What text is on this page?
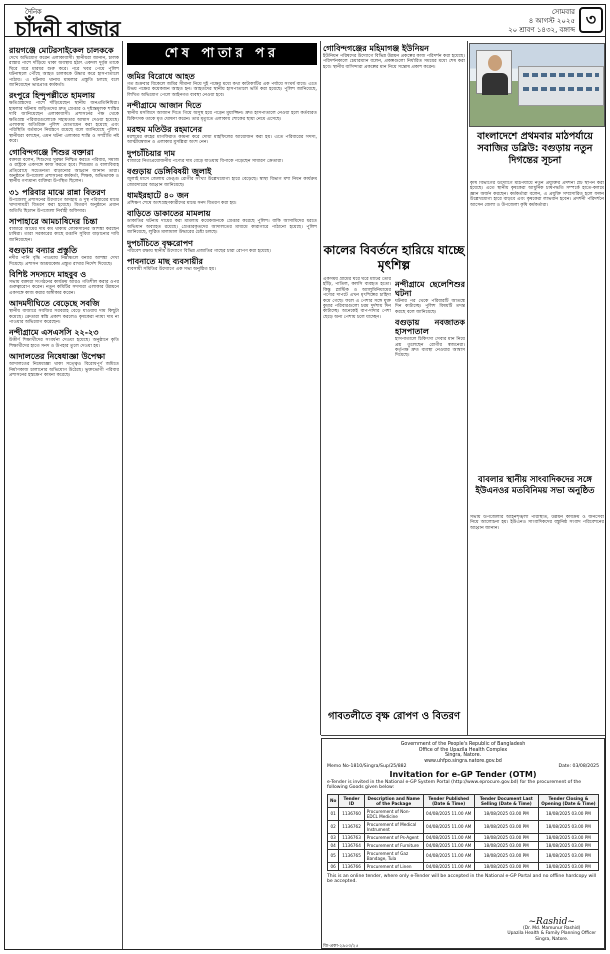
দৈনিক
চাঁদনী বাজার
সোমবার
৪ আগস্ট ২০২৫
২০ শ্রাবণ ১৪৩২, বঙ্গাব্দ
৩
শেষ পাতার পর
রায়গঞ্জে মোটরসাইকেল চালককে
দেখে অভিযোগ করেন এলাকাবাসী। স্থানীয়রা জানান, চালক রাস্তার পাশে দাঁড়িয়ে থাকা অবস্থায় হঠাৎ একদল দুর্বৃত্ত তাকে ঘিরে ধরে মারধর শুরু করে। পরে খবর পেয়ে পুলিশ ঘটনাস্থলে পৌঁছে আহত চালককে উদ্ধার করে হাসপাতালে পাঠায়। এ ঘটনায় থানায় মামলার প্রস্তুতি চলছে বলে জানিয়েছেন ভারপ্রাপ্ত কর্মকর্তা।
রংপুরে হিন্দুপল্লীতে হামলায়
ক্ষতিগ্রস্তদের পাশে দাঁড়িয়েছেন স্থানীয় জনপ্রতিনিধিরা। হামলার ঘটনায় জড়িতদের দ্রুত গ্রেপ্তার ও দৃষ্টান্তমূলক শাস্তির দাবি জানিয়েছেন এলাকাবাসী। প্রশাসনের পক্ষ থেকে ক্ষতিগ্রস্ত পরিবারগুলোকে সহায়তার আশ্বাস দেওয়া হয়েছে। এলাকায় অতিরিক্ত পুলিশ মোতায়েন করা হয়েছে এবং পরিস্থিতি বর্তমানে নিয়ন্ত্রণে রয়েছে বলে জানিয়েছে পুলিশ। স্থানীয়রা বলছেন, এমন ঘটনা এলাকার শান্তি ও সম্প্রীতি নষ্ট করে।
গোবিন্দগঞ্জে শিশুর বক্তারা
বক্তারা বলেন, শিশুদের সুরক্ষা নিশ্চিত করতে পরিবার, সমাজ ও রাষ্ট্রকে একসঙ্গে কাজ করতে হবে। শিশুশ্রম ও বাল্যবিবাহ প্রতিরোধে সচেতনতা বাড়ানোর আহ্বান জানান তারা। অনুষ্ঠানে উপজেলা প্রশাসনের কর্মকর্তা, শিক্ষক, অভিভাবক ও স্থানীয় গণ্যমান্য ব্যক্তিরা উপস্থিত ছিলেন।
৩১ পরিবার মাঝে রান্না বিতরণ
উপজেলা প্রশাসনের উদ্যোগে অসহায় ও দুস্থ পরিবারের মাঝে খাদ্যসামগ্রী বিতরণ করা হয়েছে। বিতরণ অনুষ্ঠানে প্রধান অতিথি ছিলেন উপজেলা নির্বাহী অফিসার।
সাপাহারে আমচাষিদের চিন্তা
বাজারে আমের দাম কম থাকায় লোকসানের আশঙ্কা করছেন চাষিরা। তারা সরকারের কাছে রপ্তানি সুবিধা বাড়ানোর দাবি জানিয়েছেন।
বগুড়ায় বন্যার প্রস্তুতি
নদীর পানি বৃদ্ধি পাওয়ায় নিম্নাঞ্চলে বন্যার আশঙ্কা দেখা দিয়েছে। প্রশাসন আশ্রয়কেন্দ্র প্রস্তুত রাখার নির্দেশ দিয়েছে।
বিশিষ্ট সদস্যদে মাহবুব ও
সভায় বক্তারা সংগঠনের কার্যক্রম আরও গতিশীল করার ওপর গুরুত্বারোপ করেন। নতুন কমিটির সদস্যরা এলাকার উন্নয়নে একসঙ্গে কাজ করার অঙ্গীকার করেন।
আদমদীঘিতে বেড়েছে সবজি
স্থানীয় বাজারে সবজির সরবরাহ বেড়ে যাওয়ায় দাম কিছুটা কমেছে। ক্রেতারা স্বস্তি প্রকাশ করলেও কৃষকেরা ন্যায্য দাম না পাওয়ার অভিযোগ করেছেন।
নন্দীগ্রামে এসএসসি ২২-২৩
উত্তীর্ণ শিক্ষার্থীদের সংবর্ধনা দেওয়া হয়েছে। অনুষ্ঠানে কৃতি শিক্ষার্থীদের হাতে সনদ ও উপহার তুলে দেওয়া হয়।
আদালতের নিষেধাজ্ঞা উপেক্ষা
আদালতের নিষেধাজ্ঞা থাকা সত্ত্বেও বিরোধপূর্ণ জমিতে নির্মাণকাজ চালানোর অভিযোগ উঠেছে। ভুক্তভোগী পরিবার প্রশাসনের হস্তক্ষেপ কামনা করেছে।
জমির বিরোধে আহত
গত শুক্রবার বিকেলে জমির সীমানা নিয়ে দুই পক্ষের মধ্যে কথা কাটাকাটির এক পর্যায়ে সংঘর্ষ বাধে। এতে উভয় পক্ষের কয়েকজন আহত হন। আহতদের স্থানীয় হাসপাতালে ভর্তি করা হয়েছে। পুলিশ জানিয়েছে, লিখিত অভিযোগ পেলে আইনগত ব্যবস্থা নেওয়া হবে।
নন্দীগ্রামে আজান দিতে
স্থানীয় মসজিদে আজান দিতে গিয়ে অসুস্থ হয়ে পড়েন মুয়াজ্জিন। দ্রুত হাসপাতালে নেওয়া হলে কর্তব্যরত চিকিৎসক তাকে মৃত ঘোষণা করেন। তার মৃত্যুতে এলাকায় শোকের ছায়া নেমে এসেছে।
মরহুম মতিউর রহমানের
মরহুমের রুহের মাগফিরাত কামনা করে দোয়া মাহফিলের আয়োজন করা হয়। এতে পরিবারের সদস্য, আত্মীয়স্বজন ও এলাকার মুসল্লিরা অংশ নেন।
দুপচাঁচিয়ার দাম
বাজারে নিত্যপ্রয়োজনীয় পণ্যের দাম বেড়ে যাওয়ায় বিপাকে পড়েছেন সাধারণ ক্রেতারা।
বগুড়ায় ডেঙ্গিবিষয়ী জুলাই
জুলাই মাসে জেলায় ডেঙ্গু রোগীর সংখ্যা উল্লেখযোগ্য হারে বেড়েছে। স্বাস্থ্য বিভাগ মশা নিধন কার্যক্রম জোরদারের আহ্বান জানিয়েছে।
ধামইরহাটে ৪০ জন
প্রশিক্ষণ শেষে অংশগ্রহণকারীদের মাঝে সনদ বিতরণ করা হয়।
বাড়িতে ডাকাতের মামলায়
ডাকাতির ঘটনায় দায়ের করা মামলায় কয়েকজনকে গ্রেপ্তার করেছে পুলিশ। বাকি আসামিদের ধরতে অভিযান অব্যাহত রয়েছে। গ্রেপ্তারকৃতদের আদালতের মাধ্যমে কারাগারে পাঠানো হয়েছে। পুলিশ জানিয়েছে, লুণ্ঠিত মালামাল উদ্ধারের চেষ্টা চলছে।
দুপচাঁচিতে বৃক্ষরোপণ
পরিবেশ রক্ষায় স্থানীয় উদ্যোগে বিভিন্ন প্রজাতির গাছের চারা রোপণ করা হয়েছে।
পাবনাতে মাছ ব্যবসায়ীর
ব্যবসায়ী সমিতির উদ্যোগে এক সভা অনুষ্ঠিত হয়।
গোবিন্দগঞ্জের মহিমাগঞ্জ ইউনিয়ন
ইউনিয়ন পরিষদের উদ্যোগে বিভিন্ন উন্নয়ন প্রকল্পের কাজ পরিদর্শন করা হয়েছে। পরিদর্শনকালে চেয়ারম্যান বলেন, প্রকল্পগুলো নির্ধারিত সময়ের মধ্যে শেষ করা হবে। স্থানীয় বাসিন্দারা প্রকল্পের মান নিয়ে সন্তোষ প্রকাশ করেন।
কালের বিবর্তনে হারিয়ে যাচ্ছে মৃৎশিল্প
একসময় গ্রামের ঘরে ঘরে মাটির তৈরি হাঁড়ি, পাতিল, কলসি ব্যবহৃত হতো। কিন্তু প্লাস্টিক ও অ্যালুমিনিয়ামের পণ্যের দাপটে এখন মৃৎশিল্পের চাহিদা কমে গেছে। ফলে এ পেশার সঙ্গে যুক্ত কুমার পরিবারগুলো চরম দুর্দশায় দিন কাটাচ্ছে। অনেকেই বাপ-দাদার পেশা ছেড়ে অন্য পেশায় চলে যাচ্ছেন।
নন্দীগ্রামে ছেলেশিশুর ঘটনা
ঘটনার পর থেকে পরিবারটি আতঙ্কে দিন কাটাচ্ছে। পুলিশ বিষয়টি তদন্ত করছে বলে জানিয়েছে।
বগুড়ায় নবজাতক হাসপাতাল
হাসপাতালে চিকিৎসা সেবার মান নিয়ে প্রশ্ন তুলেছেন রোগীর স্বজনেরা। কর্তৃপক্ষ দ্রুত ব্যবস্থা নেওয়ার আশ্বাস দিয়েছে।
গাবতলীতে বৃক্ষ রোপণ ও বিতরণ
বাংলাদেশে প্রথমবার মাঠপর্যায়ে সবাজির ডব্লিউ: বগুড়ায় নতুন দিগন্তের সূচনা
কৃষি বিভাগের উদ্যোগে মাঠপর্যায়ে নতুন প্রযুক্তির প্রদর্শনী প্লট স্থাপন করা হয়েছে। এতে স্থানীয় কৃষকেরা আধুনিক চাষপদ্ধতি সম্পর্কে হাতে-কলমে জ্ঞান অর্জন করছেন। কর্মকর্তারা বলেন, এ প্রযুক্তি সম্প্রসারিত হলে ফলন উল্লেখযোগ্য হারে বাড়বে এবং কৃষকেরা লাভবান হবেন। প্রদর্শনী পরিদর্শনে আসেন জেলা ও উপজেলা কৃষি কর্মকর্তারা।
বাবলার স্থানীয় সাংবাদিকদের সঙ্গে ইউএনওর মতবিনিময় সভা অনুষ্ঠিত
সভায় উপজেলার আইনশৃঙ্খলা পরিস্থিতি, উন্নয়ন কার্যক্রম ও জনসেবা নিয়ে আলোচনা হয়। ইউএনও সাংবাদিকদের বস্তুনিষ্ঠ সংবাদ পরিবেশনের আহ্বান জানান।
Government of the People's Republic of Bangladesh
Office of the Upazila Health Complex
Singra, Natore.
www.uhfpo.singra.natore.gov.bd
Memo No-1810/Singra/Sup/25/882	Date: 03/08/2025
Invitation for e-GP Tender (OTM)
e-Tender is invited in the National e-GP System Portal (http://www.eprocure.gov.bd) for the procurement of the following Goods given below:
No	Tender ID	Description and Name of the Package	Tender Published (Date & Time)	Tender Document Last Selling (Date & Time)	Tender Closing & Opening (Date & Time)
01	1136760	Procurement of Non-EDCL Medicine	04/08/2025 11.00 AM	18/08/2025 03.00 PM	18/08/2025 03.00 PM
02	1136762	Procurement of Medical Instrument	04/08/2025 11.00 AM	18/08/2025 03.00 PM	18/08/2025 03.00 PM
03	1136763	Procurement of Ps-Agent	04/08/2025 11.00 AM	18/08/2025 03.00 PM	18/08/2025 03.00 PM
04	1136764	Procurement of Furniture	04/08/2025 11.00 AM	18/08/2025 03.00 PM	18/08/2025 03.00 PM
05	1136765	Procurement of Gaz Bandage, Tula	04/08/2025 11.00 AM	18/08/2025 03.00 PM	18/08/2025 03.00 PM
06	1136766	Procurement of Linen	04/08/2025 11.00 AM	18/08/2025 03.00 PM	18/08/2025 03.00 PM
This is an online tender, where only e-Tender will be accepted in the National e-GP Portal and no offline hardcopy will be accepted.
~Rashid~
(Dr. Md. Mamunur Rashid)
Upazila Health & Family Planning Officer
Singra, Natore.
জি-প্রকা-২৯৫৩/২৫
